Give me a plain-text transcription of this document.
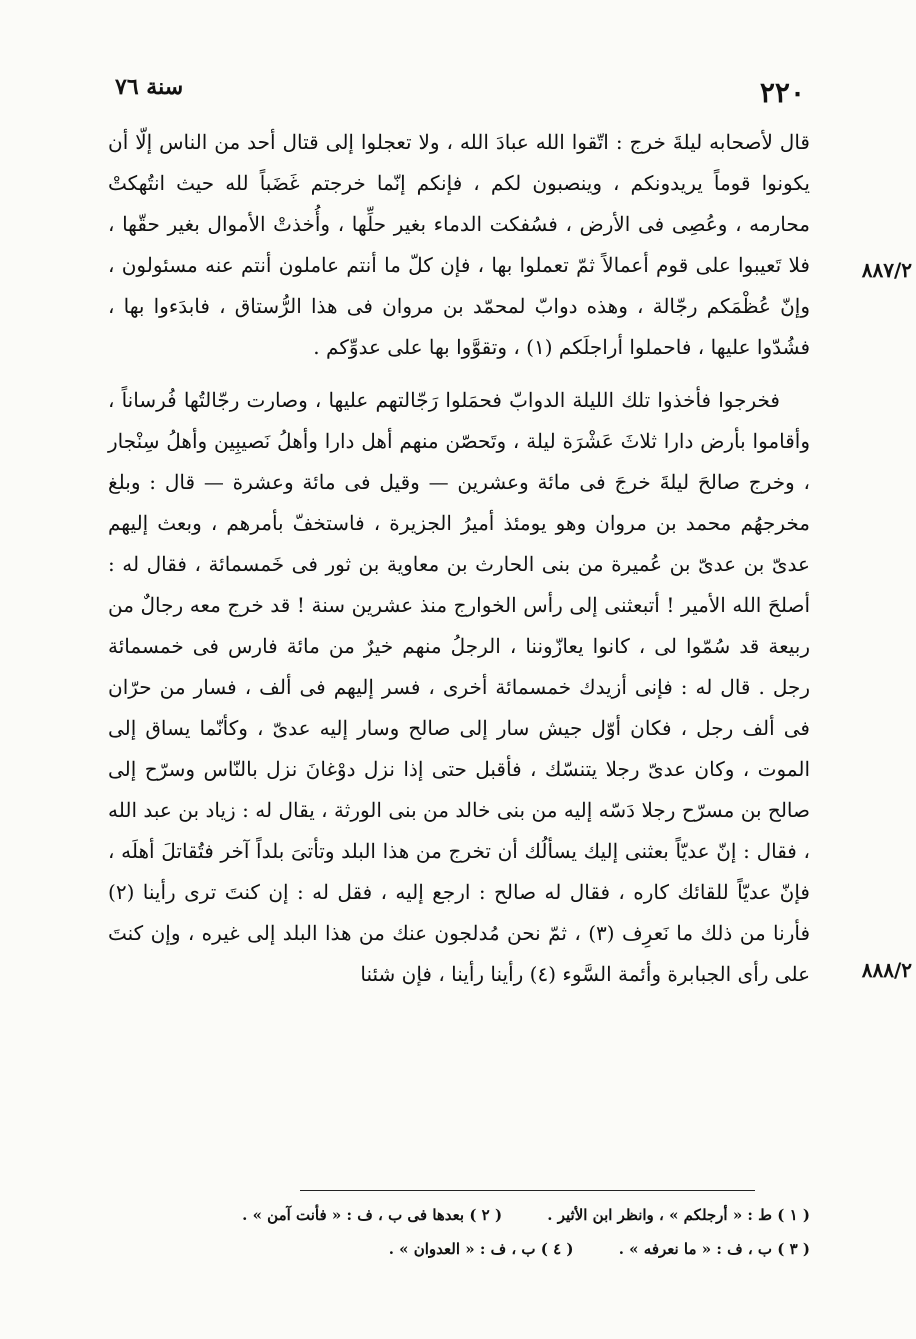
٢٢٠
سنة ٧٦
٨٨٧/٢
٨٨٨/٢

قال لأصحابه ليلةَ خرج : اتّقوا الله عبادَ الله ، ولا تعجلوا إلى قتال أحد من الناس إلّا أن يكونوا قوماً يريدونكم ، وينصبون لكم ، فإنكم إنّما خرجتم غَضَباً لله حيث انتُهكتْ محارمه ، وعُصِى فى الأرض ، فسُفكت الدماء بغير حلِّها ، وأُخذتْ الأموال بغير حقّها ، فلا تَعيبوا على قوم أعمالاً ثمّ تعملوا بها ، فإن كلّ ما أنتم عاملون أنتم عنه مسئولون ، وإنّ عُظْمَكم رجّالة ، وهذه دوابّ لمحمّد بن مروان فى هذا الرُّستاق ، فابدَءوا بها ، فشُدّوا عليها ، فاحملوا أراجلَكم (١) ، وتقوَّوا بها على عدوِّكم .

فخرجوا فأخذوا تلك الليلة الدوابّ فحمَلوا رَجّالتهم عليها ، وصارت رجّالتُها فُرساناً ، وأقاموا بأرض دارا ثلاثَ عَشْرَة ليلة ، وتَحصّن منهم أهل دارا وأهلُ نَصيبِين وأهلُ سِنْجار ، وخرج صالحَ ليلةَ خرجَ فى مائة وعشرين — وقيل فى مائة وعشرة — قال : وبلغ مخرجهُم محمد بن مروان وهو يومئذ أميرُ الجزيرة ، فاستخفّ بأمرهم ، وبعث إليهم عدىّ بن عدىّ بن عُميرة من بنى الحارث بن معاوية بن ثور فى خَمسمائة ، فقال له : أصلحَ الله الأمير ! أتبعثنى إلى رأس الخوارج منذ عشرين سنة ! قد خرج معه رجالٌ من ربيعة قد سُمّوا لى ، كانوا يعازّوننا ، الرجلُ منهم خيرٌ من مائة فارس فى خمسمائة رجل . قال له : فإنى أزيدك خمسمائة أخرى ، فسر إليهم فى ألف ، فسار من حرّان فى ألف رجل ، فكان أوّل جيش سار إلى صالح وسار إليه عدىّ ، وكأنّما يساق إلى الموت ، وكان عدىّ رجلا يتنسّك ، فأقبل حتى إذا نزل دوْغانَ نزل بالنّاس وسرّح إلى صالح بن مسرّح رجلا دَسّه إليه من بنى خالد من بنى الورثة ، يقال له : زياد بن عبد الله ، فقال : إنّ عديّاً بعثنى إليك يسألُك أن تخرج من هذا البلد وتأتىَ بلداً آخر فتُقاتلَ أهلَه ، فإنّ عديّاً للقائك كاره ، فقال له صالح : ارجع إليه ، فقل له : إن كنتَ ترى رأينا (٢) فأرنا من ذلك ما نَعرِف (٣) ، ثمّ نحن مُدلجون عنك من هذا البلد إلى غيره ، وإن كنتَ على رأى الجبابرة وأئمة السَّوء (٤) رأينا رأينا ، فإن شئنا

( ١ ) ط : « أرجلكم » ، وانظر ابن الأثير . ( ٢ ) بعدها فى ب ، ف : « فأنت آمن » .
( ٣ ) ب ، ف : « ما نعرفه » . ( ٤ ) ب ، ف : « العدوان » .
